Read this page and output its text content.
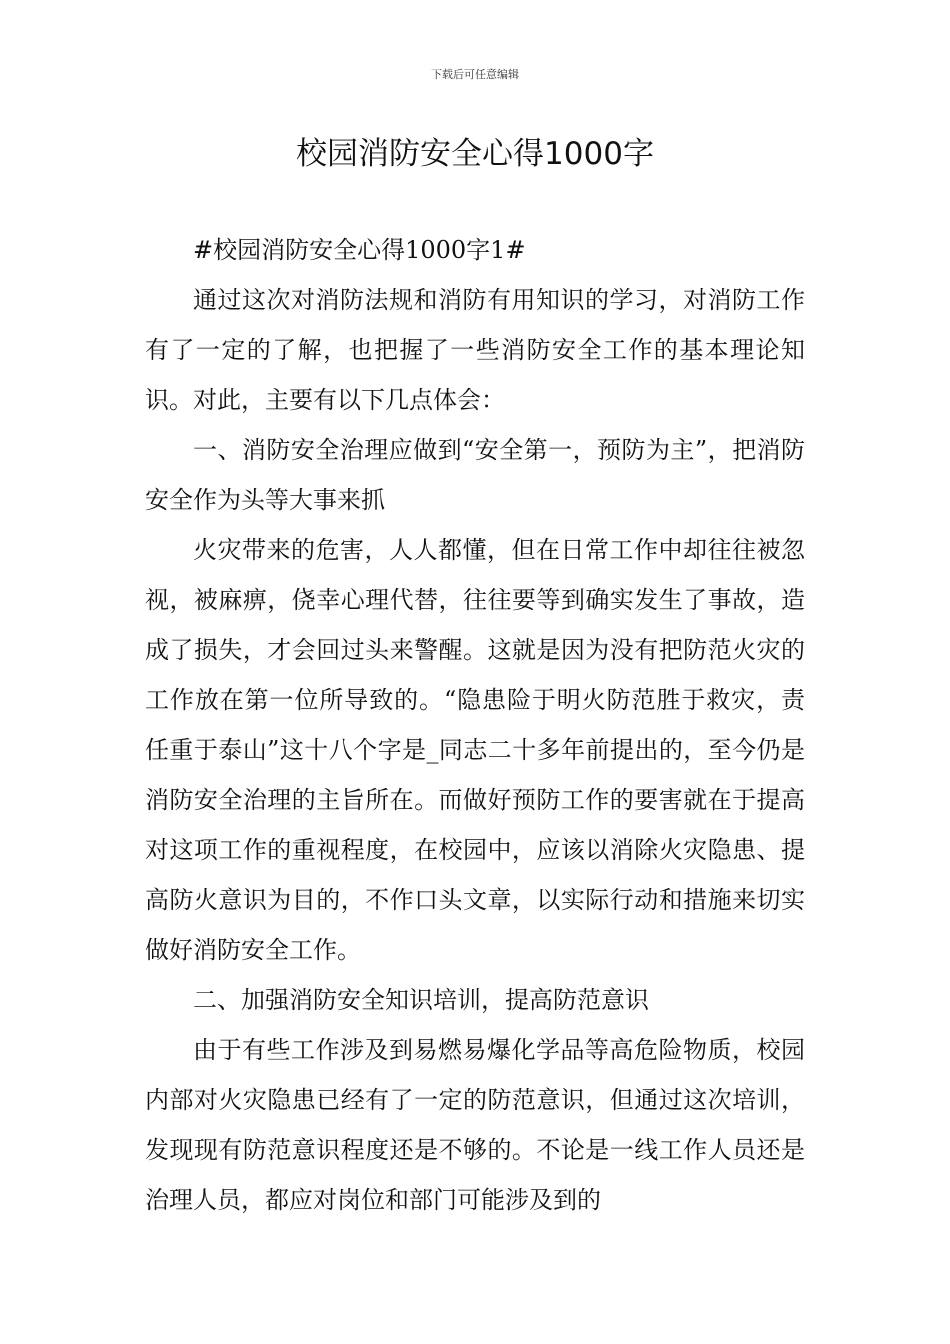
下载后可任意编辑
校园消防安全心得1000字

#校园消防安全心得1000字1#

通过这次对消防法规和消防有用知识的学习，对消防工作有了一定的了解，也把握了一些消防安全工作的基本理论知识。对此，主要有以下几点体会：

一、消防安全治理应做到“安全第一，预防为主”，把消防安全作为头等大事来抓

火灾带来的危害，人人都懂，但在日常工作中却往往被忽视，被麻痹，侥幸心理代替，往往要等到确实发生了事故，造成了损失，才会回过头来警醒。这就是因为没有把防范火灾的工作放在第一位所导致的。“隐患险于明火防范胜于救灾，责任重于泰山”这十八个字是_同志二十多年前提出的，至今仍是消防安全治理的主旨所在。而做好预防工作的要害就在于提高对这项工作的重视程度，在校园中，应该以消除火灾隐患、提高防火意识为目的，不作口头文章，以实际行动和措施来切实做好消防安全工作。

二、加强消防安全知识培训，提高防范意识

由于有些工作涉及到易燃易爆化学品等高危险物质，校园内部对火灾隐患已经有了一定的防范意识，但通过这次培训，发现现有防范意识程度还是不够的。不论是一线工作人员还是治理人员，都应对岗位和部门可能涉及到的
